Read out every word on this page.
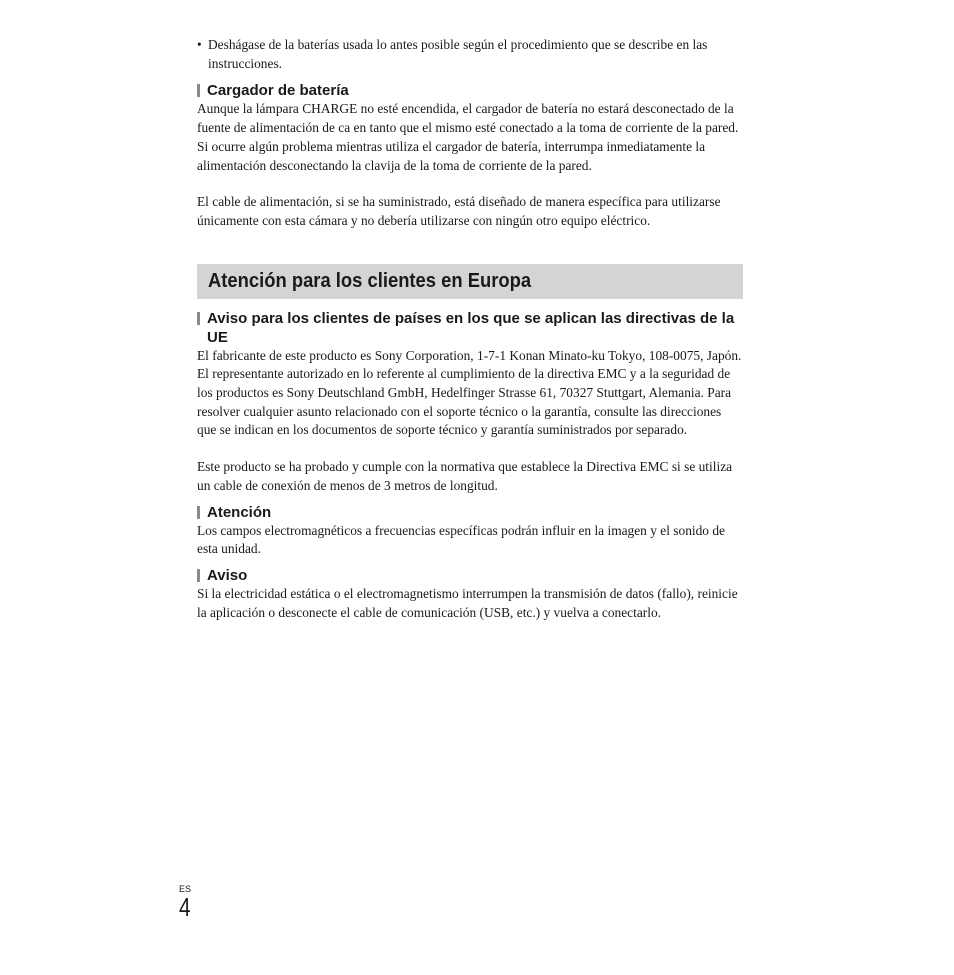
• Deshágase de la baterías usada lo antes posible según el procedimiento que se describe en las instrucciones.

Cargador de batería

Aunque la lámpara CHARGE no esté encendida, el cargador de batería no estará desconectado de la fuente de alimentación de ca en tanto que el mismo esté conectado a la toma de corriente de la pared. Si ocurre algún problema mientras utiliza el cargador de batería, interrumpa inmediatamente la alimentación desconectando la clavija de la toma de corriente de la pared.

El cable de alimentación, si se ha suministrado, está diseñado de manera específica para utilizarse únicamente con esta cámara y no debería utilizarse con ningún otro equipo eléctrico.

Atención para los clientes en Europa
Aviso para los clientes de países en los que se aplican las directivas de la UE

El fabricante de este producto es Sony Corporation, 1-7-1 Konan Minato-ku Tokyo, 108-0075, Japón. El representante autorizado en lo referente al cumplimiento de la directiva EMC y a la seguridad de los productos es Sony Deutschland GmbH, Hedelfinger Strasse 61, 70327 Stuttgart, Alemania. Para resolver cualquier asunto relacionado con el soporte técnico o la garantía, consulte las direcciones que se indican en los documentos de soporte técnico y garantía suministrados por separado.

Este producto se ha probado y cumple con la normativa que establece la Directiva EMC si se utiliza un cable de conexión de menos de 3 metros de longitud.

Atención

Los campos electromagnéticos a frecuencias específicas podrán influir en la imagen y el sonido de esta unidad.

Aviso

Si la electricidad estática o el electromagnetismo interrumpen la transmisión de datos (fallo), reinicie la aplicación o desconecte el cable de comunicación (USB, etc.) y vuelva a conectarlo.

ES
4
